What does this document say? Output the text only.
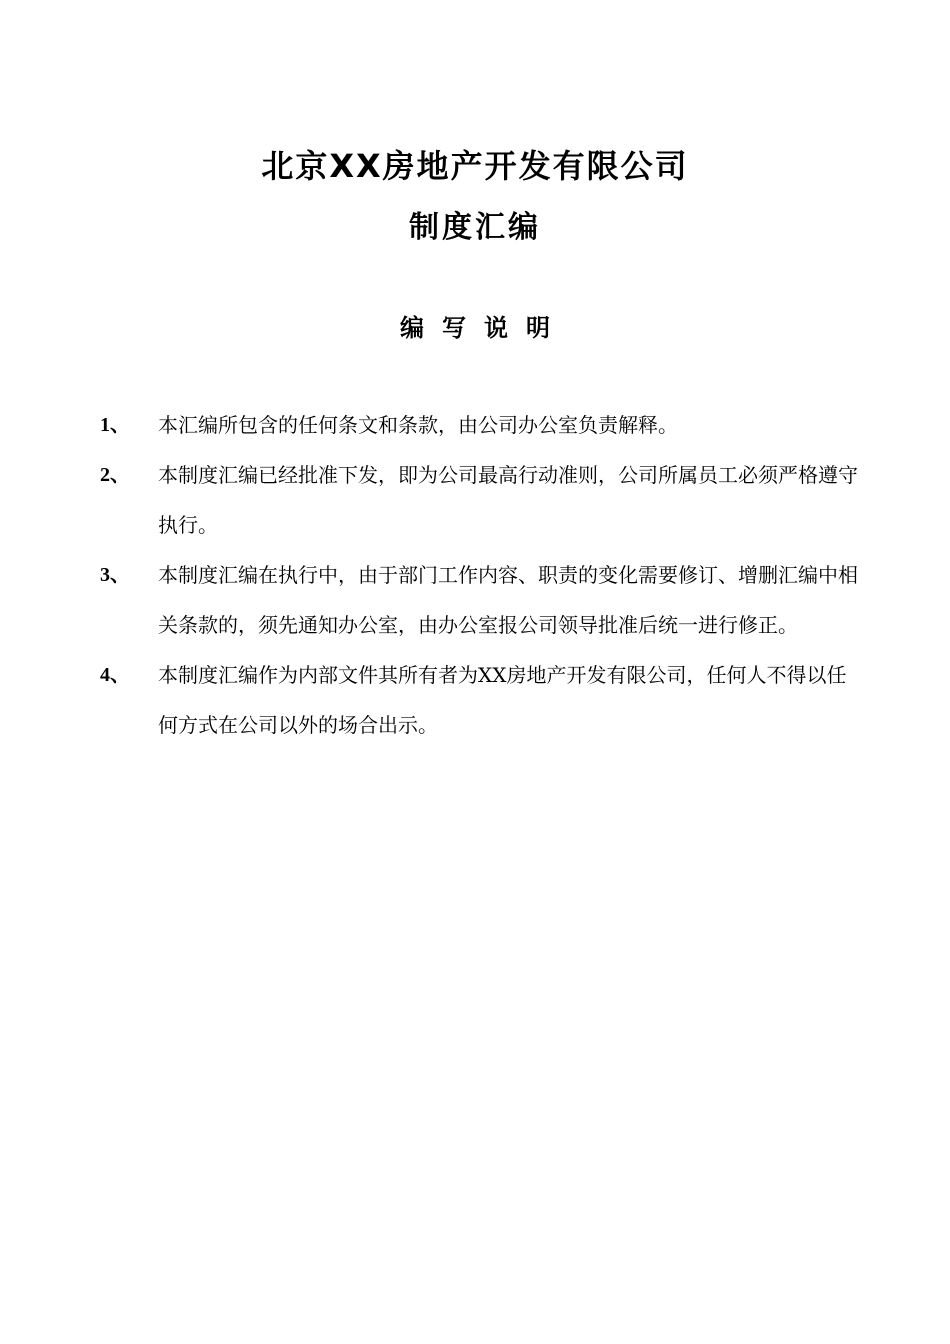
北京XX房地产开发有限公司
制度汇编
编写说明
1、 本汇编所包含的任何条文和条款，由公司办公室负责解释。
2、 本制度汇编已经批准下发，即为公司最高行动准则，公司所属员工必须严格遵守执行。
3、 本制度汇编在执行中，由于部门工作内容、职责的变化需要修订、增删汇编中相关条款的，须先通知办公室，由办公室报公司领导批准后统一进行修正。
4、 本制度汇编作为内部文件其所有者为XX房地产开发有限公司，任何人不得以任何方式在公司以外的场合出示。
